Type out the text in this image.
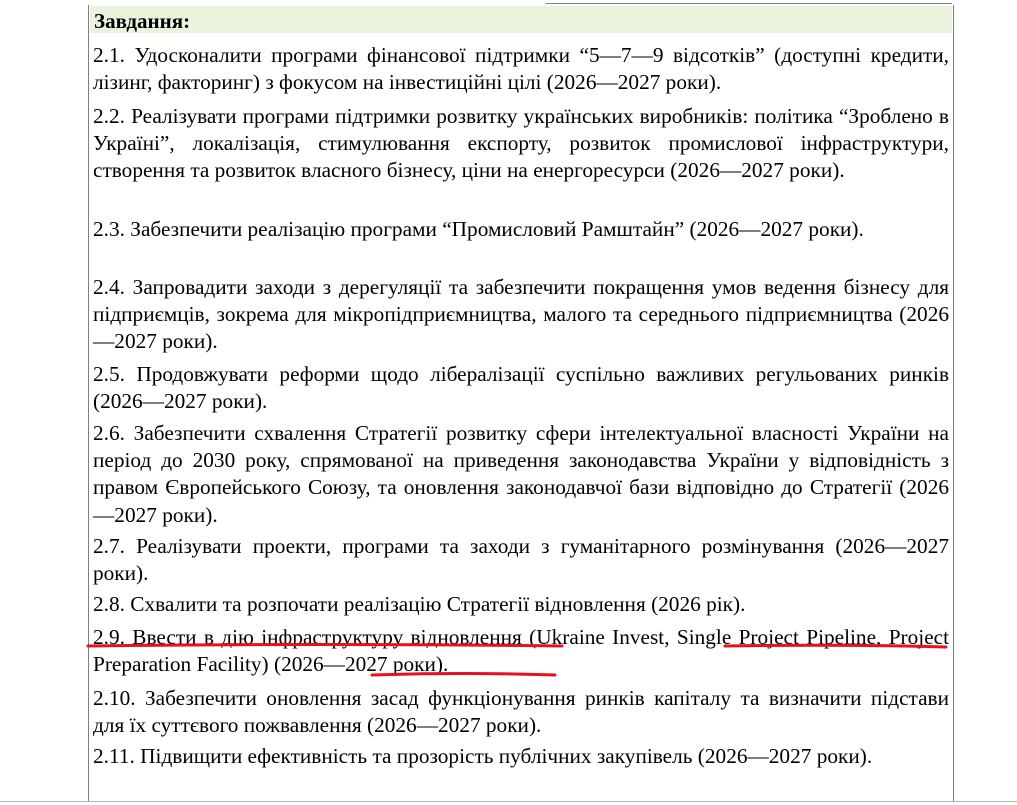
Завдання:
2.1. Удосконалити програми фінансової підтримки “5—7—9 відсотків” (доступні кредити, лізинг, факторинг) з фокусом на інвестиційні цілі (2026—2027 роки).
2.2. Реалізувати програми підтримки розвитку українських виробників: політика “Зроблено в Україні”, локалізація, стимулювання експорту, розвиток промислової інфраструктури, створення та розвиток власного бізнесу, ціни на енергоресурси (2026—2027 роки).
2.3. Забезпечити реалізацію програми “Промисловий Рамштайн” (2026—2027 роки).
2.4. Запровадити заходи з дерегуляції та забезпечити покращення умов ведення бізнесу для підприємців, зокрема для мікропідприємництва, малого та середнього підприємництва (2026—2027 роки).
2.5. Продовжувати реформи щодо лібералізації суспільно важливих регульованих ринків (2026—2027 роки).
2.6. Забезпечити схвалення Стратегії розвитку сфери інтелектуальної власності України на період до 2030 року, спрямованої на приведення законодавства України у відповідність з правом Європейського Союзу, та оновлення законодавчої бази відповідно до Стратегії (2026—2027 роки).
2.7. Реалізувати проекти, програми та заходи з гуманітарного розмінування (2026—2027 роки).
2.8. Схвалити та розпочати реалізацію Стратегії відновлення (2026 рік).
2.9. Ввести в дію інфраструктуру відновлення (Ukraine Invest, Single Project Pipeline, Project Preparation Facility) (2026—2027 роки).
2.10. Забезпечити оновлення засад функціонування ринків капіталу та визначити підстави для їх суттєвого пожвавлення (2026—2027 роки).
2.11. Підвищити ефективність та прозорість публічних закупівель (2026—2027 роки).
